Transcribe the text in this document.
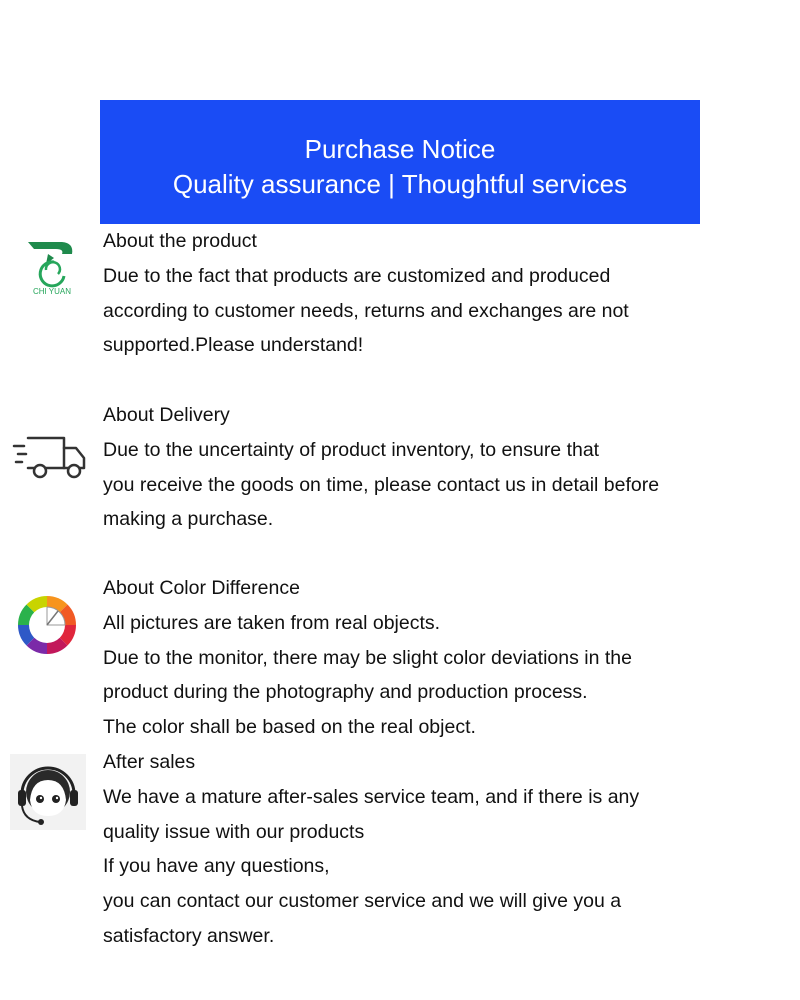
Purchase Notice
Quality assurance | Thoughtful services
CHI YUAN
About the product
Due to the fact that products are customized and produced
according to customer needs, returns and exchanges are not
supported.Please understand!
About Delivery
Due to the uncertainty of product inventory, to ensure that
you receive the goods on time, please contact us in detail before
making a purchase.
About Color Difference
All pictures are taken from real objects.
Due to the monitor, there may be slight color deviations in the
product during the photography and production process.
The color shall be based on the real object.
After sales
We have a mature after-sales service team, and if there is any
quality issue with our products
If you have any questions,
you can contact our customer service and we will give you a
satisfactory answer.
